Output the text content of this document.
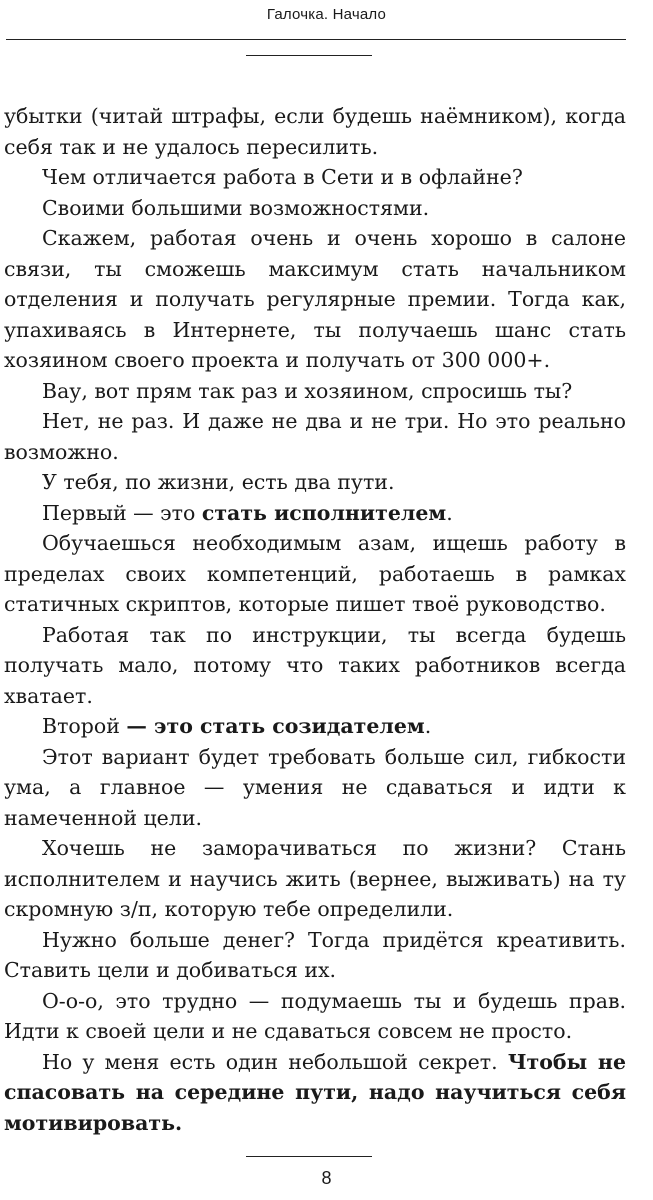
Галочка. Начало

убытки (читай штрафы, если будешь наёмником), когда себя так и не удалось пересилить.

Чем отличается работа в Сети и в офлайне?

Своими большими возможностями.

Скажем, работая очень и очень хорошо в салоне связи, ты сможешь максимум стать начальником отделения и получать регулярные премии. Тогда как, упахиваясь в Интернете, ты получаешь шанс стать хозяином своего проекта и получать от 300 000+.

Вау, вот прям так раз и хозяином, спросишь ты?

Нет, не раз. И даже не два и не три. Но это реально возможно.

У тебя, по жизни, есть два пути.

Первый — это стать исполнителем.

Обучаешься необходимым азам, ищешь работу в пределах своих компетенций, работаешь в рамках статичных скриптов, которые пишет твоё руководство.

Работая так по инструкции, ты всегда будешь получать мало, потому что таких работников всегда хватает.

Второй — это стать созидателем.

Этот вариант будет требовать больше сил, гибкости ума, а главное — умения не сдаваться и идти к намеченной цели.

Хочешь не заморачиваться по жизни? Стань исполнителем и научись жить (вернее, выживать) на ту скромную з/п, которую тебе определили.

Нужно больше денег? Тогда придётся креативить. Ставить цели и добиваться их.

О-о-о, это трудно — подумаешь ты и будешь прав. Идти к своей цели и не сдаваться совсем не просто.

Но у меня есть один небольшой секрет. Чтобы не спасовать на середине пути, надо научиться себя мотивировать.

8
